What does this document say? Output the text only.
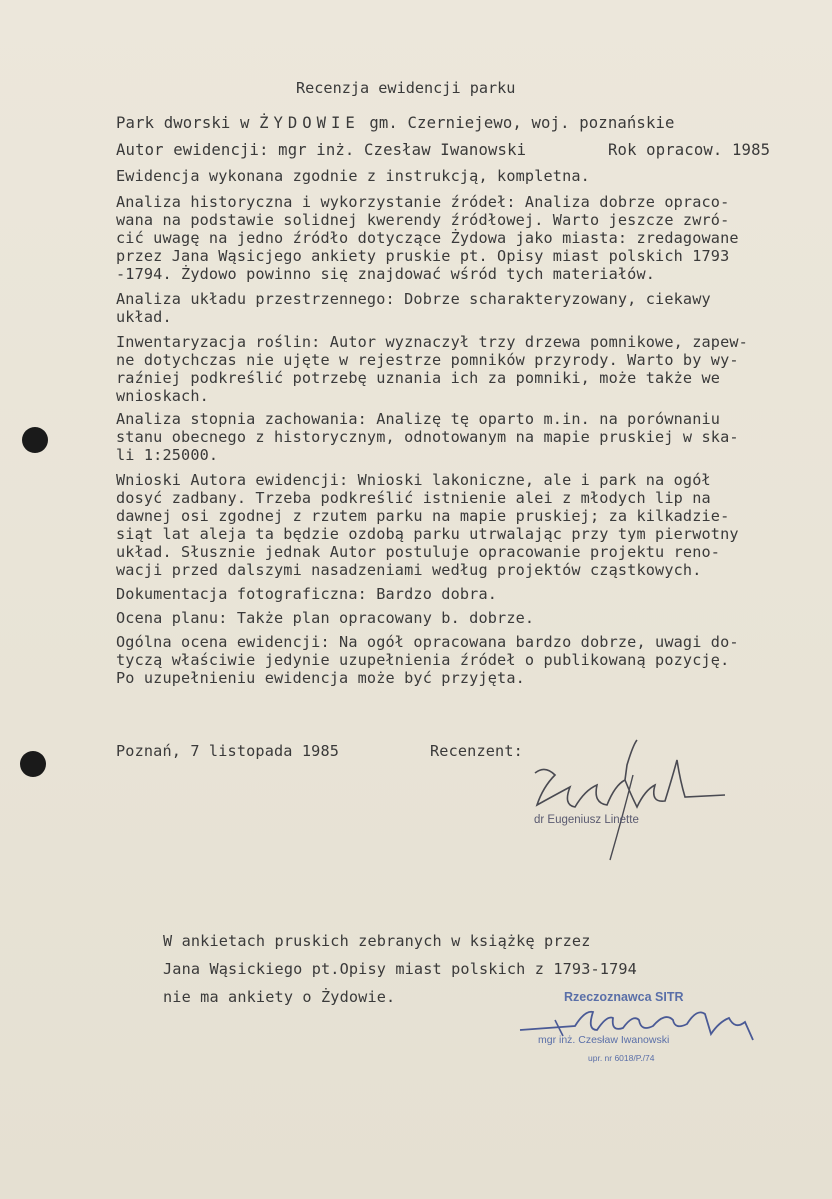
Recenzja ewidencji parku
Park dworski w ŻYDOWIE gm. Czerniejewo, woj. poznańskie
Autor ewidencji: mgr inż. Czesław Iwanowski	Rok opracow. 1985
Ewidencja wykonana zgodnie z instrukcją, kompletna.
Analiza historyczna i wykorzystanie źródeł: Analiza dobrze opraco-
wana na podstawie solidnej kwerendy źródłowej. Warto jeszcze zwró-
cić uwagę na jedno źródło dotyczące Żydowa jako miasta: zredagowane
przez Jana Wąsicjego ankiety pruskie pt. Opisy miast polskich 1793
-1794. Żydowo powinno się znajdować wśród tych materiałów.
Analiza układu przestrzennego: Dobrze scharakteryzowany, ciekawy
układ.
Inwentaryzacja roślin: Autor wyznaczył trzy drzewa pomnikowe, zapew-
ne dotychczas nie ujęte w rejestrze pomników przyrody. Warto by wy-
raźniej podkreślić potrzebę uznania ich za pomniki, może także we
wnioskach.
Analiza stopnia zachowania: Analizę tę oparto m.in. na porównaniu
stanu obecnego z historycznym, odnotowanym na mapie pruskiej w ska-
li 1:25000.
Wnioski Autora ewidencji: Wnioski lakoniczne, ale i park na ogół
dosyć zadbany. Trzeba podkreślić istnienie alei z młodych lip na
dawnej osi zgodnej z rzutem parku na mapie pruskiej; za kilkadzie-
siąt lat aleja ta będzie ozdobą parku utrwalając przy tym pierwotny
układ. Słusznie jednak Autor postuluje opracowanie projektu reno-
wacji przed dalszymi nasadzeniami według projektów cząstkowych.
Dokumentacja fotograficzna: Bardzo dobra.
Ocena planu: Także plan opracowany b. dobrze.
Ogólna ocena ewidencji: Na ogół opracowana bardzo dobrze, uwagi do-
tyczą właściwie jedynie uzupełnienia źródeł o publikowaną pozycję.
Po uzupełnieniu ewidencja może być przyjęta.
Poznań, 7 listopada 1985	Recenzent:
dr Eugeniusz Linette
W ankietach pruskich zebranych w książkę przez
Jana Wąsickiego pt.Opisy miast polskich z 1793-1794
nie ma ankiety o Żydowie.	Rzeczoznawca SITR
mgr inż. Czesław Iwanowski
upr. nr 6018/P./74
